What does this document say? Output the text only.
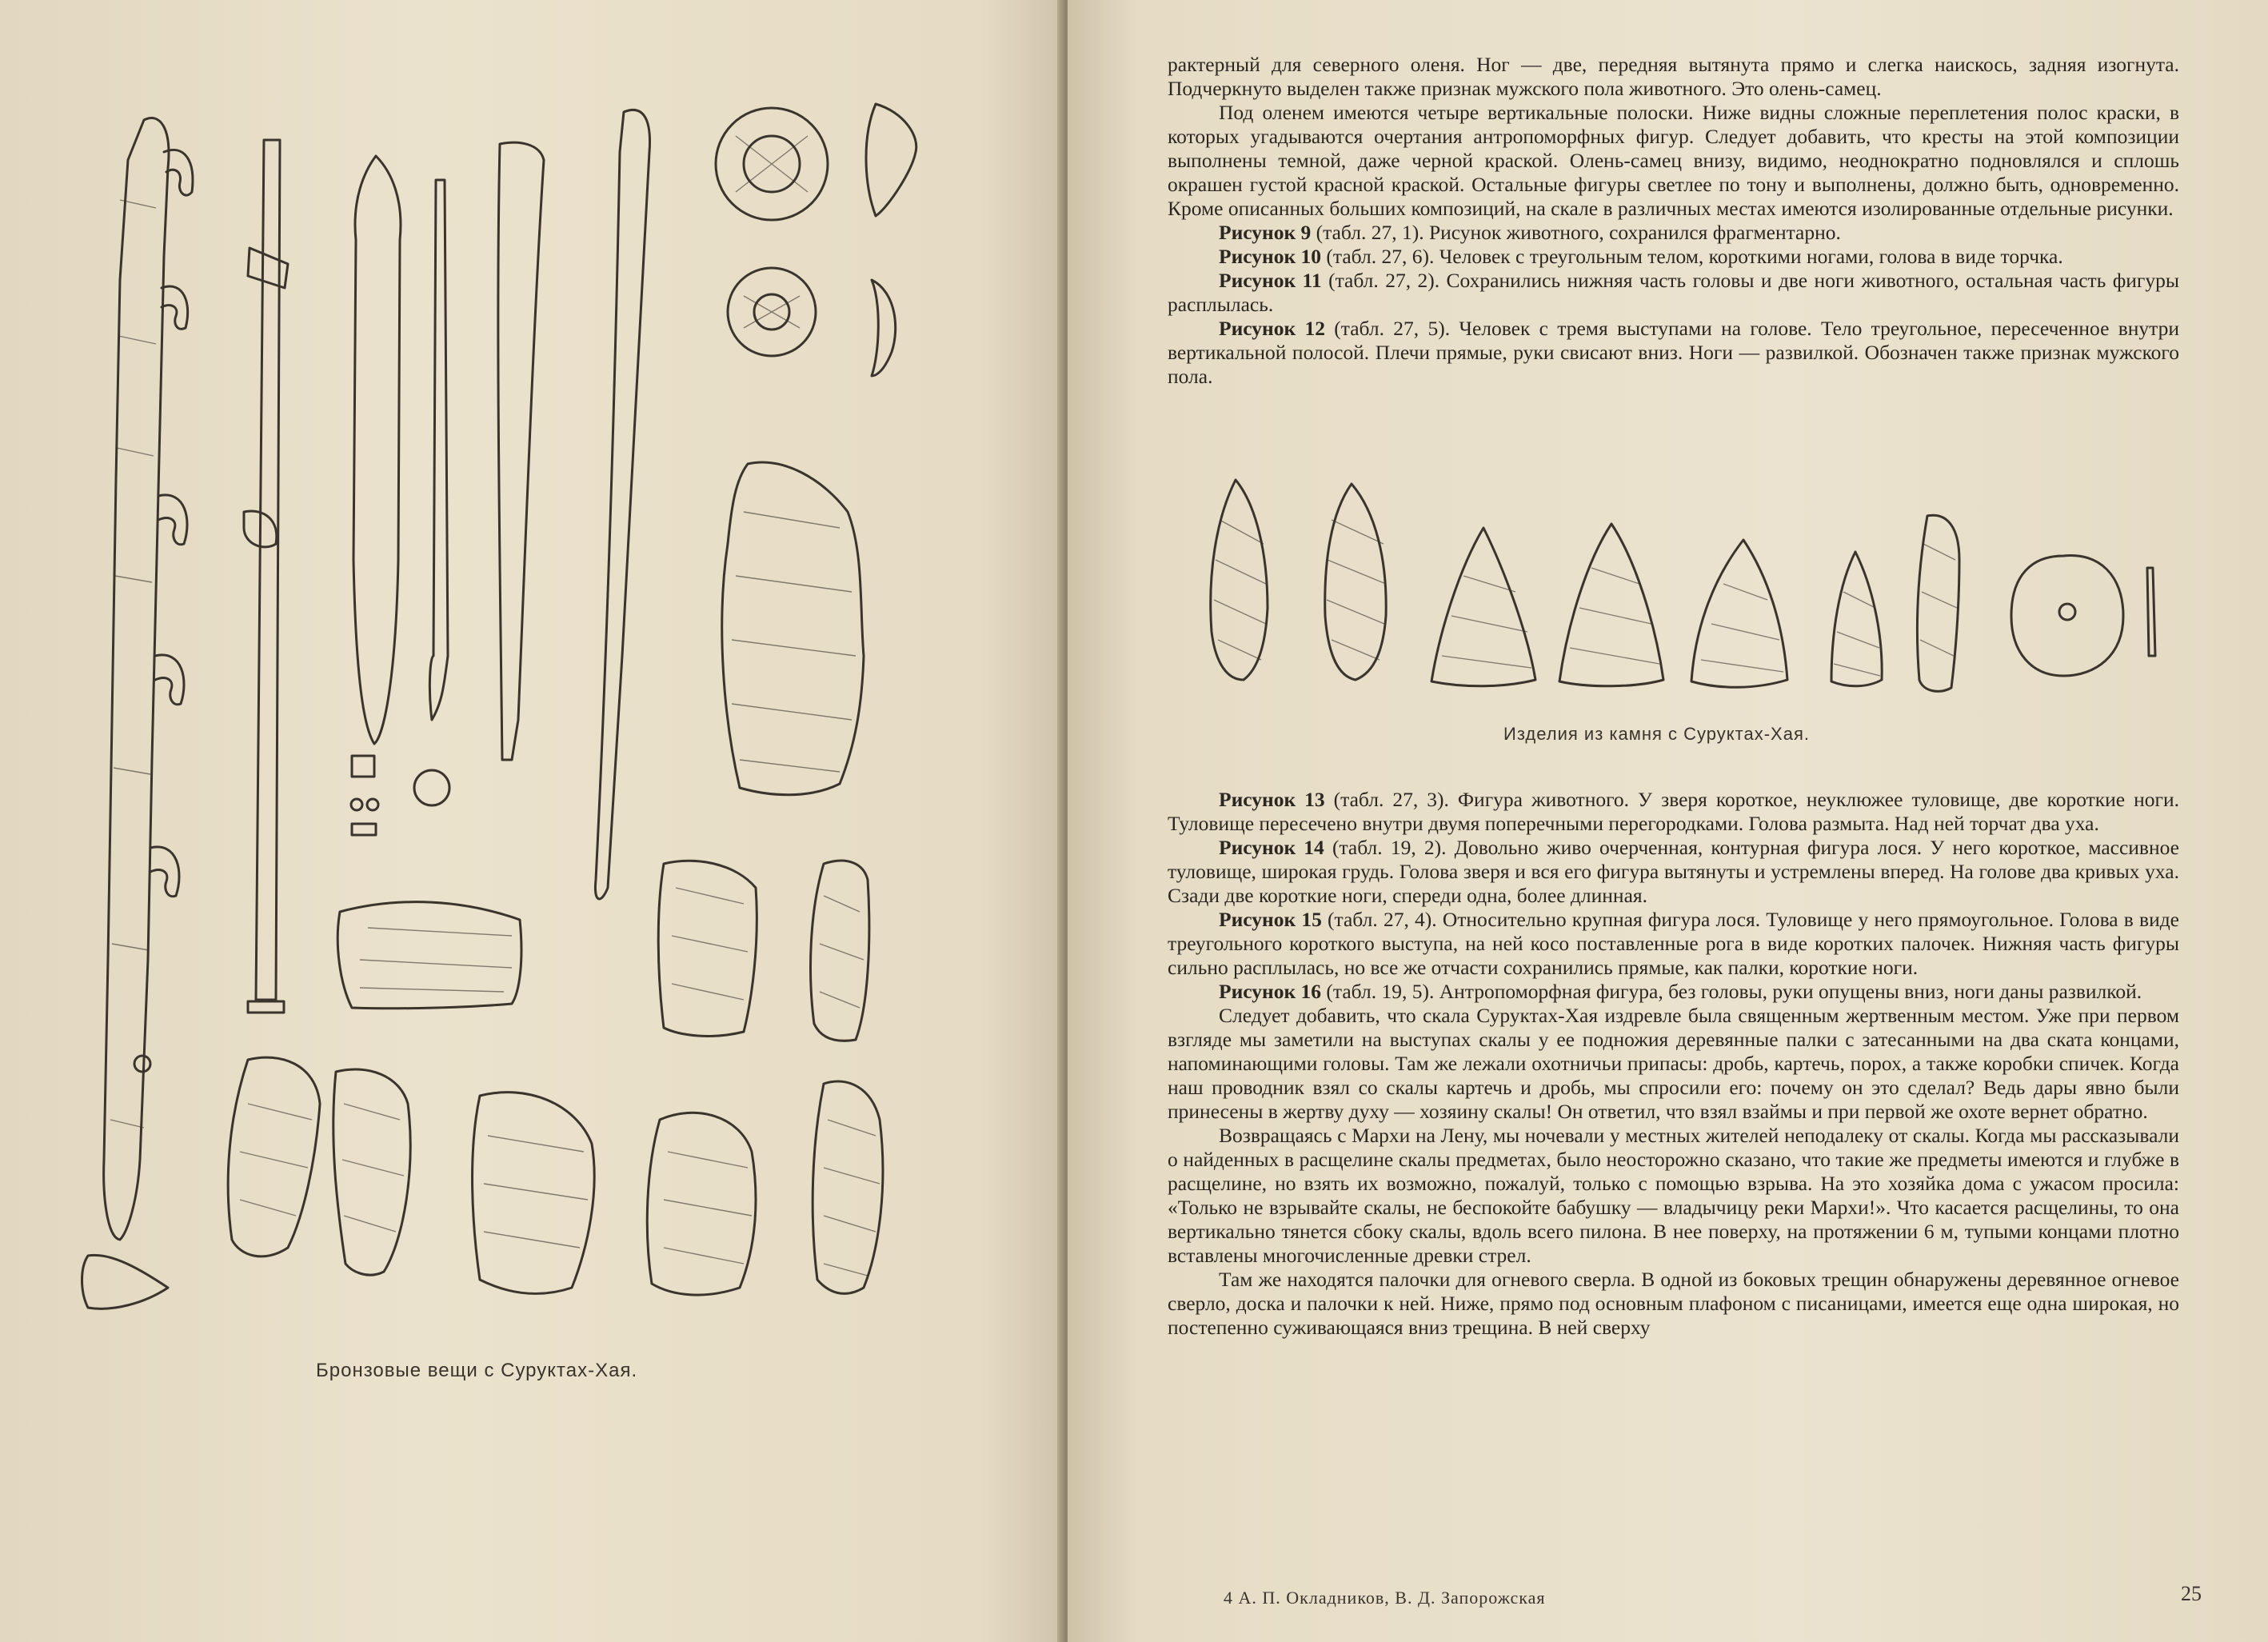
Бронзовые вещи с Суруктах-Хая.

рактерный для северного оленя. Ног — две, передняя вытянута прямо и слегка наискось, задняя изогнута. Подчеркнуто выделен также признак мужского пола животного. Это олень-самец.

Под оленем имеются четыре вертикальные полоски. Ниже видны сложные переплетения полос краски, в которых угадываются очертания антропоморфных фигур. Следует добавить, что кресты на этой композиции выполнены темной, даже черной краской. Олень-самец внизу, видимо, неоднократно подновлялся и сплошь окрашен густой красной краской. Остальные фигуры светлее по тону и выполнены, должно быть, одновременно. Кроме описанных больших композиций, на скале в различных местах имеются изолированные отдельные рисунки.

Рисунок 9 (табл. 27, 1). Рисунок животного, сохранился фрагментарно.

Рисунок 10 (табл. 27, 6). Человек с треугольным телом, короткими ногами, голова в виде торчка.

Рисунок 11 (табл. 27, 2). Сохранились нижняя часть головы и две ноги животного, остальная часть фигуры расплылась.

Рисунок 12 (табл. 27, 5). Человек с тремя выступами на голове. Тело треугольное, пересеченное внутри вертикальной полосой. Плечи прямые, руки свисают вниз. Ноги — развилкой. Обозначен также признак мужского пола.

Изделия из камня с Суруктах-Хая.

Рисунок 13 (табл. 27, 3). Фигура животного. У зверя короткое, неуклюжее туловище, две короткие ноги. Туловище пересечено внутри двумя поперечными перегородками. Голова размыта. Над ней торчат два уха.

Рисунок 14 (табл. 19, 2). Довольно живо очерченная, контурная фигура лося. У него короткое, массивное туловище, широкая грудь. Голова зверя и вся его фигура вытянуты и устремлены вперед. На голове два кривых уха. Сзади две короткие ноги, спереди одна, более длинная.

Рисунок 15 (табл. 27, 4). Относительно крупная фигура лося. Туловище у него прямоугольное. Голова в виде треугольного короткого выступа, на ней косо поставленные рога в виде коротких палочек. Нижняя часть фигуры сильно расплылась, но все же отчасти сохранились прямые, как палки, короткие ноги.

Рисунок 16 (табл. 19, 5). Антропоморфная фигура, без головы, руки опущены вниз, ноги даны развилкой.

Следует добавить, что скала Суруктах-Хая издревле была священным жертвенным местом. Уже при первом взгляде мы заметили на выступах скалы у ее подножия деревянные палки с затесанными на два ската концами, напоминающими головы. Там же лежали охотничьи припасы: дробь, картечь, порох, а также коробки спичек. Когда наш проводник взял со скалы картечь и дробь, мы спросили его: почему он это сделал? Ведь дары явно были принесены в жертву духу — хозяину скалы! Он ответил, что взял взаймы и при первой же охоте вернет обратно.

Возвращаясь с Мархи на Лену, мы ночевали у местных жителей неподалеку от скалы. Когда мы рассказывали о найденных в расщелине скалы предметах, было неосторожно сказано, что такие же предметы имеются и глубже в расщелине, но взять их возможно, пожалуй, только с помощью взрыва. На это хозяйка дома с ужасом просила: «Только не взрывайте скалы, не беспокойте бабушку — владычицу реки Мархи!». Что касается расщелины, то она вертикально тянется сбоку скалы, вдоль всего пилона. В нее поверху, на протяжении 6 м, тупыми концами плотно вставлены многочисленные древки стрел.

Там же находятся палочки для огневого сверла. В одной из боковых трещин обнаружены деревянное огневое сверло, доска и палочки к ней. Ниже, прямо под основным плафоном с писаницами, имеется еще одна широкая, но постепенно суживающаяся вниз трещина. В ней сверху

4 А. П. Окладников, В. Д. Запорожская	25
